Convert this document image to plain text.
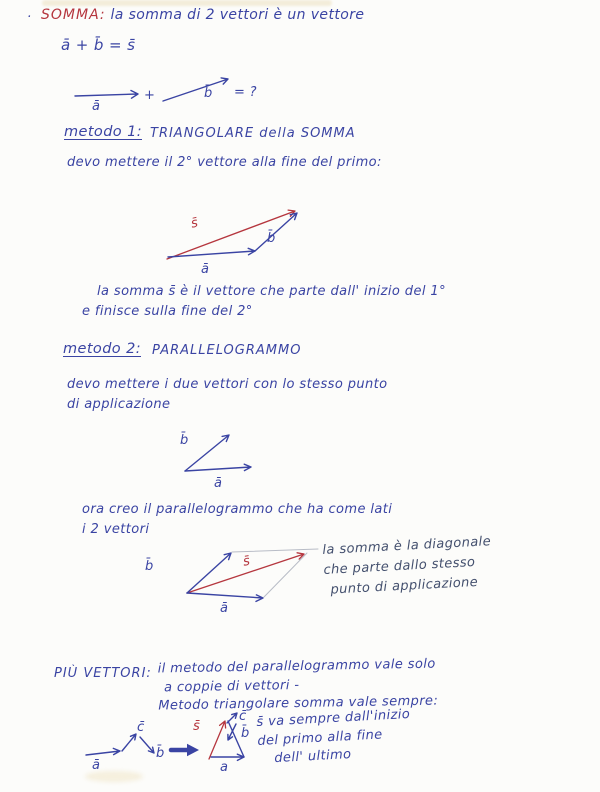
· SOMMA: la somma di 2 vettori è un vettore
ā + b̄ = s̄
ā
+	b̄ = ?
metodo 1: TRIANGOLARE della SOMMA
devo mettere il 2° vettore alla fine del primo:
s̄
b̄
ā
la somma s̄ è il vettore che parte dall' inizio del 1°
e finisce sulla fine del 2°
metodo 2: PARALLELOGRAMMO
devo mettere i due vettori con lo stesso punto
di applicazione
b̄
ā
ora creo il parallelogrammo che ha come lati
i 2 vettori
b̄	s̄
ā
la somma è la diagonale
che parte dallo stesso
punto di applicazione
PIÙ VETTORI: il metodo del parallelogrammo vale solo
a coppie di vettori -
Metodo triangolare somma vale sempre:
ā
c̄
b̄
s̄
a
b̄
c̄ s̄ va sempre dall'inizio
del primo alla fine
dell' ultimo
